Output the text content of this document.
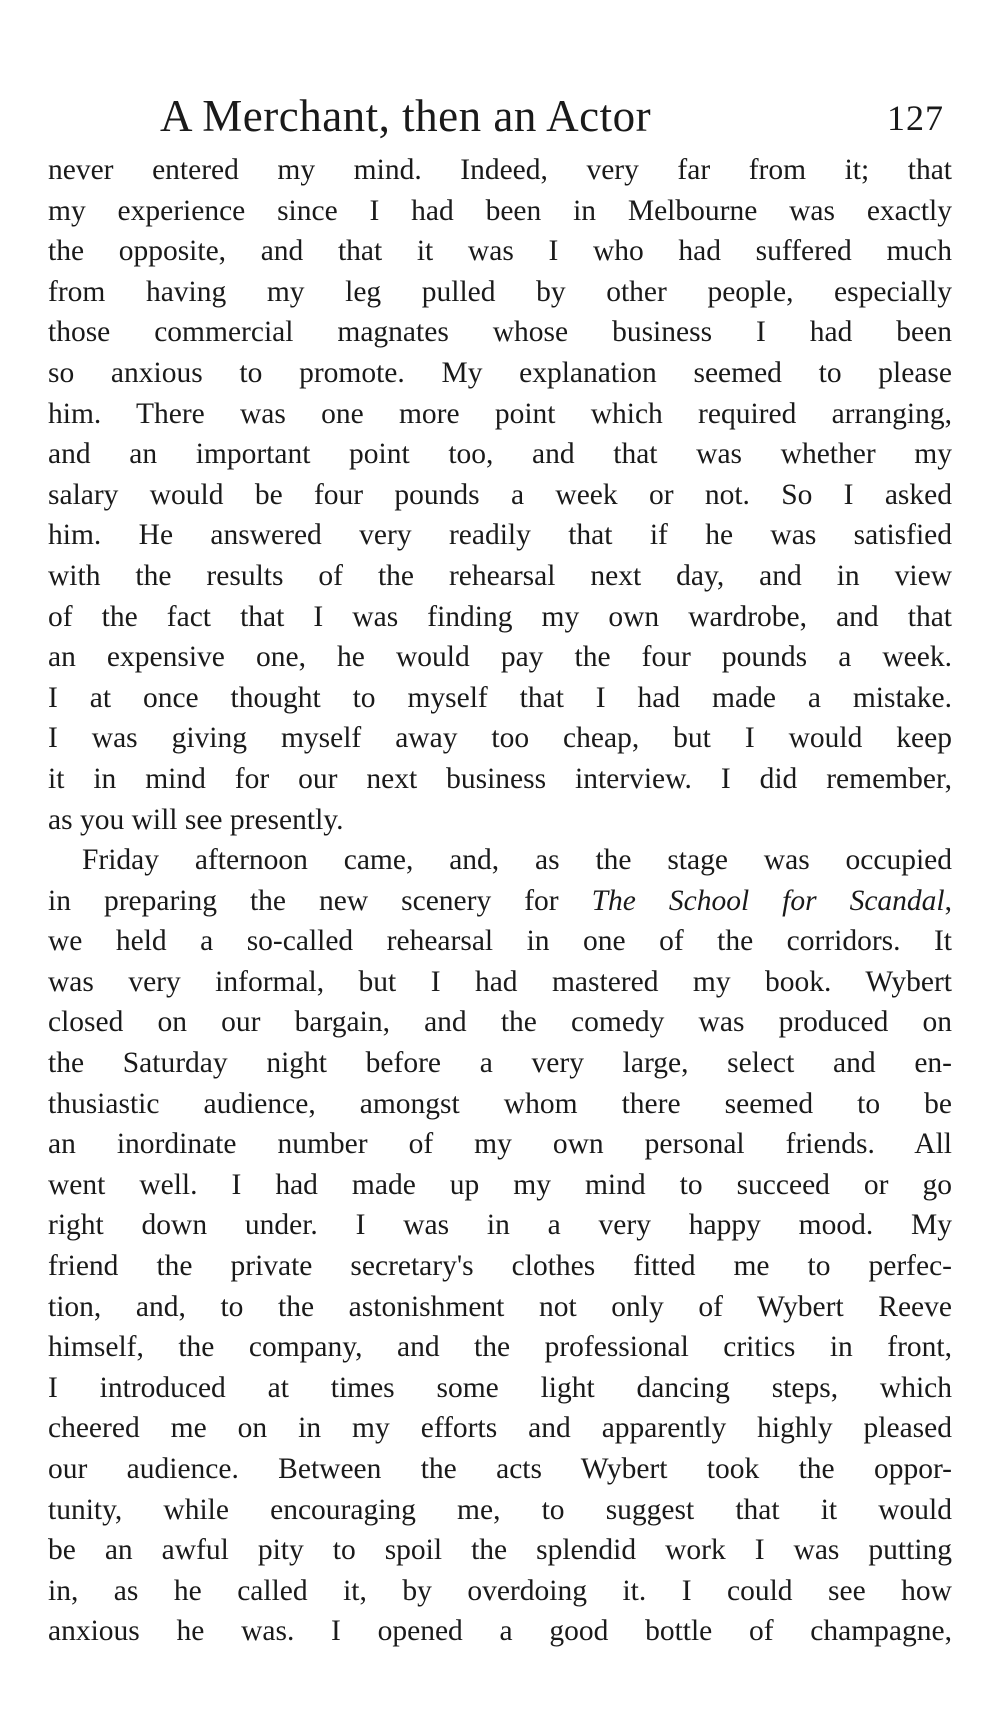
A Merchant, then an Actor	127
never entered my mind. Indeed, very far from it; that
my experience since I had been in Melbourne was exactly
the opposite, and that it was I who had suffered much
from having my leg pulled by other people, especially
those commercial magnates whose business I had been
so anxious to promote. My explanation seemed to please
him. There was one more point which required arranging,
and an important point too, and that was whether my
salary would be four pounds a week or not. So I asked
him. He answered very readily that if he was satisfied
with the results of the rehearsal next day, and in view
of the fact that I was finding my own wardrobe, and that
an expensive one, he would pay the four pounds a week.
I at once thought to myself that I had made a mistake.
I was giving myself away too cheap, but I would keep
it in mind for our next business interview. I did remember,
as you will see presently.
Friday afternoon came, and, as the stage was occupied
in preparing the new scenery for The School for Scandal,
we held a so-called rehearsal in one of the corridors. It
was very informal, but I had mastered my book. Wybert
closed on our bargain, and the comedy was produced on
the Saturday night before a very large, select and en-
thusiastic audience, amongst whom there seemed to be
an inordinate number of my own personal friends. All
went well. I had made up my mind to succeed or go
right down under. I was in a very happy mood. My
friend the private secretary's clothes fitted me to perfec-
tion, and, to the astonishment not only of Wybert Reeve
himself, the company, and the professional critics in front,
I introduced at times some light dancing steps, which
cheered me on in my efforts and apparently highly pleased
our audience. Between the acts Wybert took the oppor-
tunity, while encouraging me, to suggest that it would
be an awful pity to spoil the splendid work I was putting
in, as he called it, by overdoing it. I could see how
anxious he was. I opened a good bottle of champagne,
